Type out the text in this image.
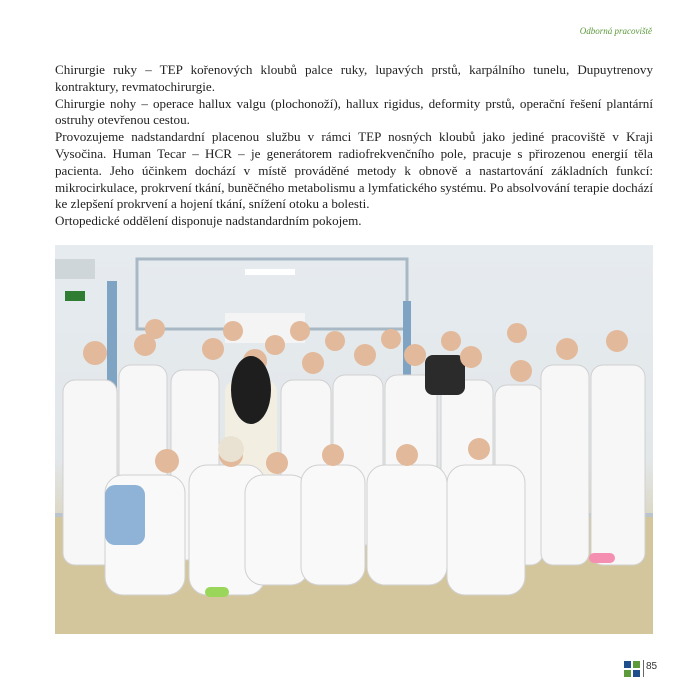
Odborná pracoviště

Chirurgie ruky – TEP kořenových kloubů palce ruky, lupavých prstů, karpálního tunelu, Dupuytrenovy kontraktury, revmatochirurgie.

Chirurgie nohy – operace hallux valgu (plochonoží), hallux rigidus, deformity prstů, operační řešení plantární ostruhy otevřenou cestou.

Provozujeme nadstandardní placenou službu v rámci TEP nosných kloubů jako jediné pracoviště v Kraji Vysočina. Human Tecar – HCR – je generátorem radiofrekvenčního pole, pracuje s přirozenou energií těla pacienta. Jeho účinkem dochází v místě prováděné metody k obnově a nastartování základních funkcí: mikrocirkulace, prokrvení tkání, buněčného metabolismu a lymfatického systému. Po absolvování terapie dochází ke zlepšení prokrvení a hojení tkání, snížení otoku a bolesti.

Ortopedické oddělení disponuje nadstandardním pokojem.

85
